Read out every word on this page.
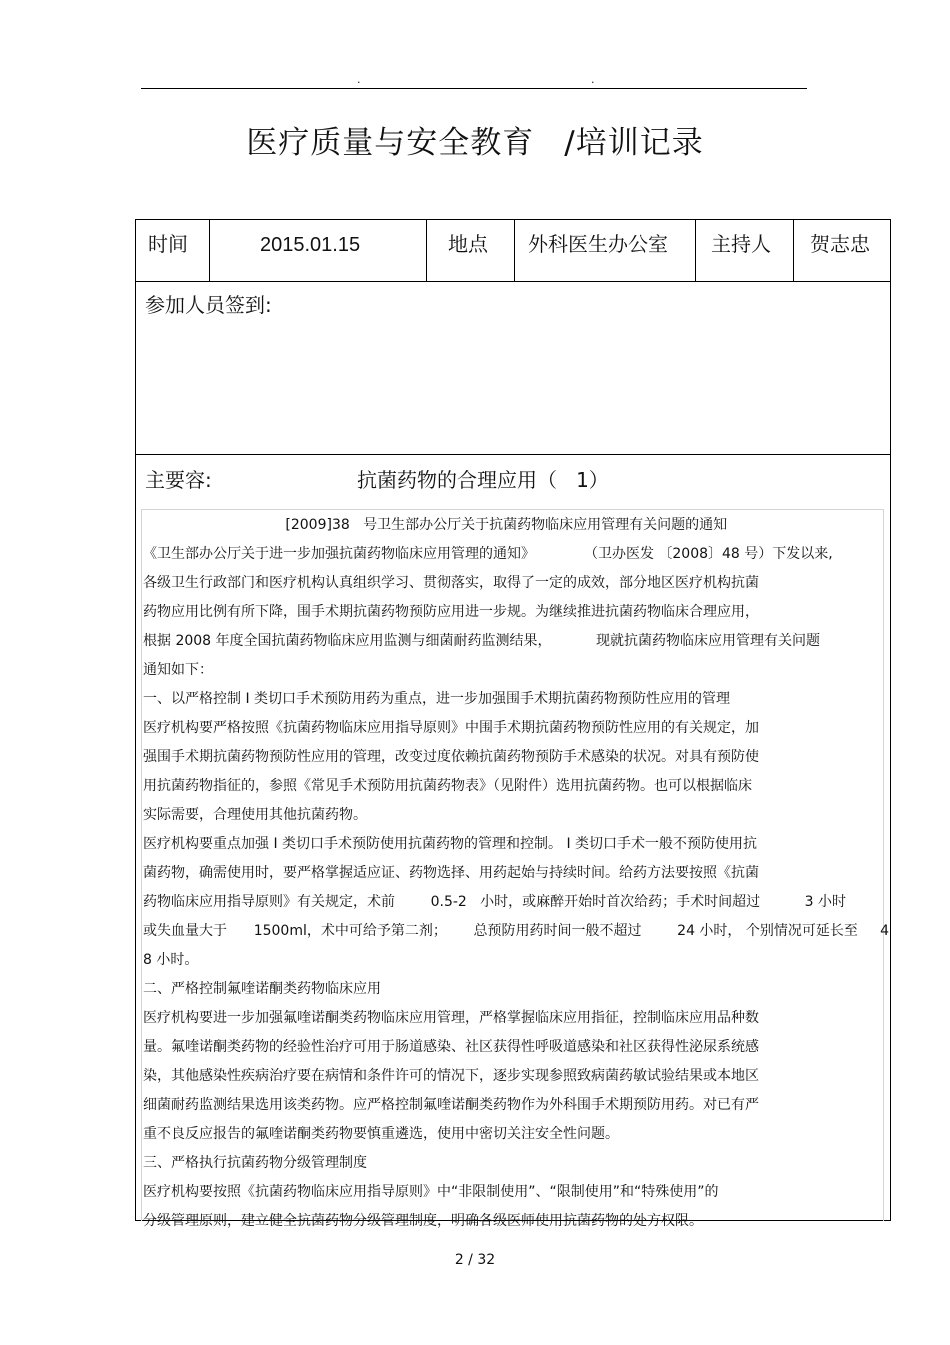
.	.
医疗质量与安全教育 /培训记录
时间	2015.01.15	地点 外科医生办公室 主持人 贺志忠
参加人员签到:
主要容:	抗菌药物的合理应用（   1）
[2009]38   号卫生部办公厅关于抗菌药物临床应用管理有关问题的通知
《卫生部办公厅关于进一步加强抗菌药物临床应用管理的通知》           （卫办医发 〔2008〕48 号）下发以来,
各级卫生行政部门和医疗机构认真组织学习、贯彻落实，取得了一定的成效，部分地区医疗机构抗菌
药物应用比例有所下降，围手术期抗菌药物预防应用进一步规。为继续推进抗菌药物临床合理应用，
根据 2008 年度全国抗菌药物临床应用监测与细菌耐药监测结果，          现就抗菌药物临床应用管理有关问题
通知如下：
一、以严格控制 I 类切口手术预防用药为重点，进一步加强围手术期抗菌药物预防性应用的管理
医疗机构要严格按照《抗菌药物临床应用指导原则》中围手术期抗菌药物预防性应用的有关规定，加
强围手术期抗菌药物预防性应用的管理，改变过度依赖抗菌药物预防手术感染的状况。对具有预防使
用抗菌药物指征的，参照《常见手术预防用抗菌药物表》（见附件）选用抗菌药物。也可以根据临床
实际需要，合理使用其他抗菌药物。
医疗机构要重点加强 I 类切口手术预防使用抗菌药物的管理和控制。 I 类切口手术一般不预防使用抗
菌药物，确需使用时，要严格掌握适应证、药物选择、用药起始与持续时间。给药方法要按照《抗菌
药物临床应用指导原则》有关规定，术前        0.5-2   小时，或麻醉开始时首次给药；手术时间超过          3 小时
或失血量大于      1500ml，术中可给予第二剂；      总预防用药时间一般不超过        24 小时， 个别情况可延长至     4
8 小时。
二、严格控制氟喹诺酮类药物临床应用
医疗机构要进一步加强氟喹诺酮类药物临床应用管理，严格掌握临床应用指征，控制临床应用品种数
量。氟喹诺酮类药物的经验性治疗可用于肠道感染、社区获得性呼吸道感染和社区获得性泌尿系统感
染，其他感染性疾病治疗要在病情和条件许可的情况下，逐步实现参照致病菌药敏试验结果或本地区
细菌耐药监测结果选用该类药物。应严格控制氟喹诺酮类药物作为外科围手术期预防用药。对已有严
重不良反应报告的氟喹诺酮类药物要慎重遴选，使用中密切关注安全性问题。
三、严格执行抗菌药物分级管理制度
医疗机构要按照《抗菌药物临床应用指导原则》中“非限制使用”、“限制使用”和“特殊使用”的
分级管理原则，建立健全抗菌药物分级管理制度，明确各级医师使用抗菌药物的处方权限。
2 / 32
